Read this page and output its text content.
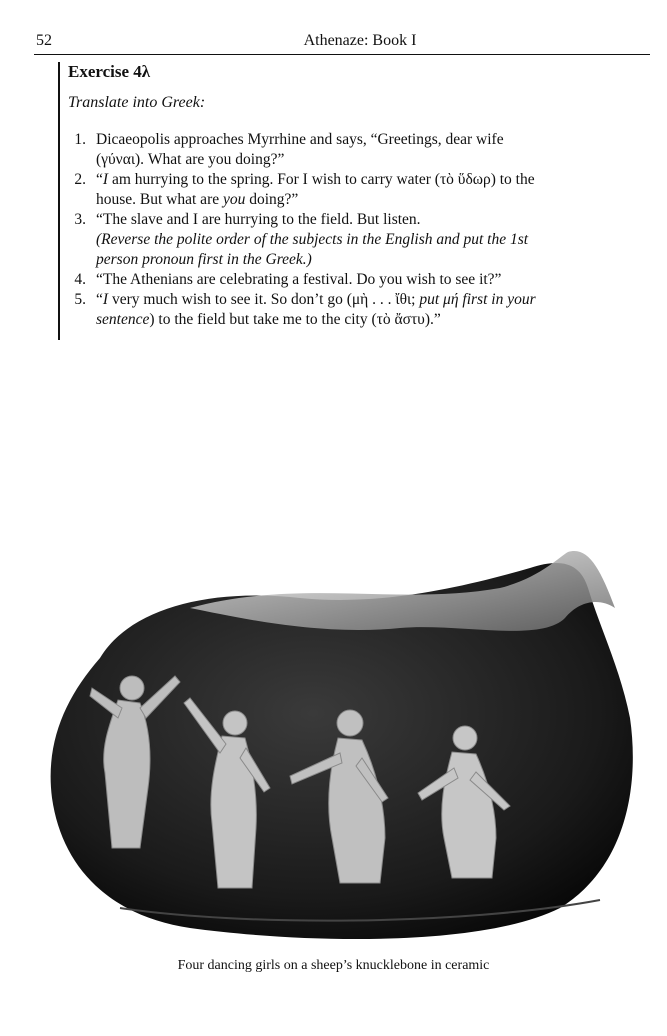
52	Athenaze: Book I
Exercise 4λ
Translate into Greek:
1. Dicaeopolis approaches Myrrhine and says, “Greetings, dear wife
(γύναι). What are you doing?”
2. “I am hurrying to the spring. For I wish to carry water (τὸ ὕδωρ) to the
house. But what are you doing?”
3. “The slave and I are hurrying to the field. But listen.
(Reverse the polite order of the subjects in the English and put the 1st
person pronoun first in the Greek.)
4. “The Athenians are celebrating a festival. Do you wish to see it?”
5. “I very much wish to see it. So don’t go (μὴ . . . ἴθι; put μή first in your
sentence) to the field but take me to the city (τὸ ἄστυ).”
Four dancing girls on a sheep’s knucklebone in ceramic
